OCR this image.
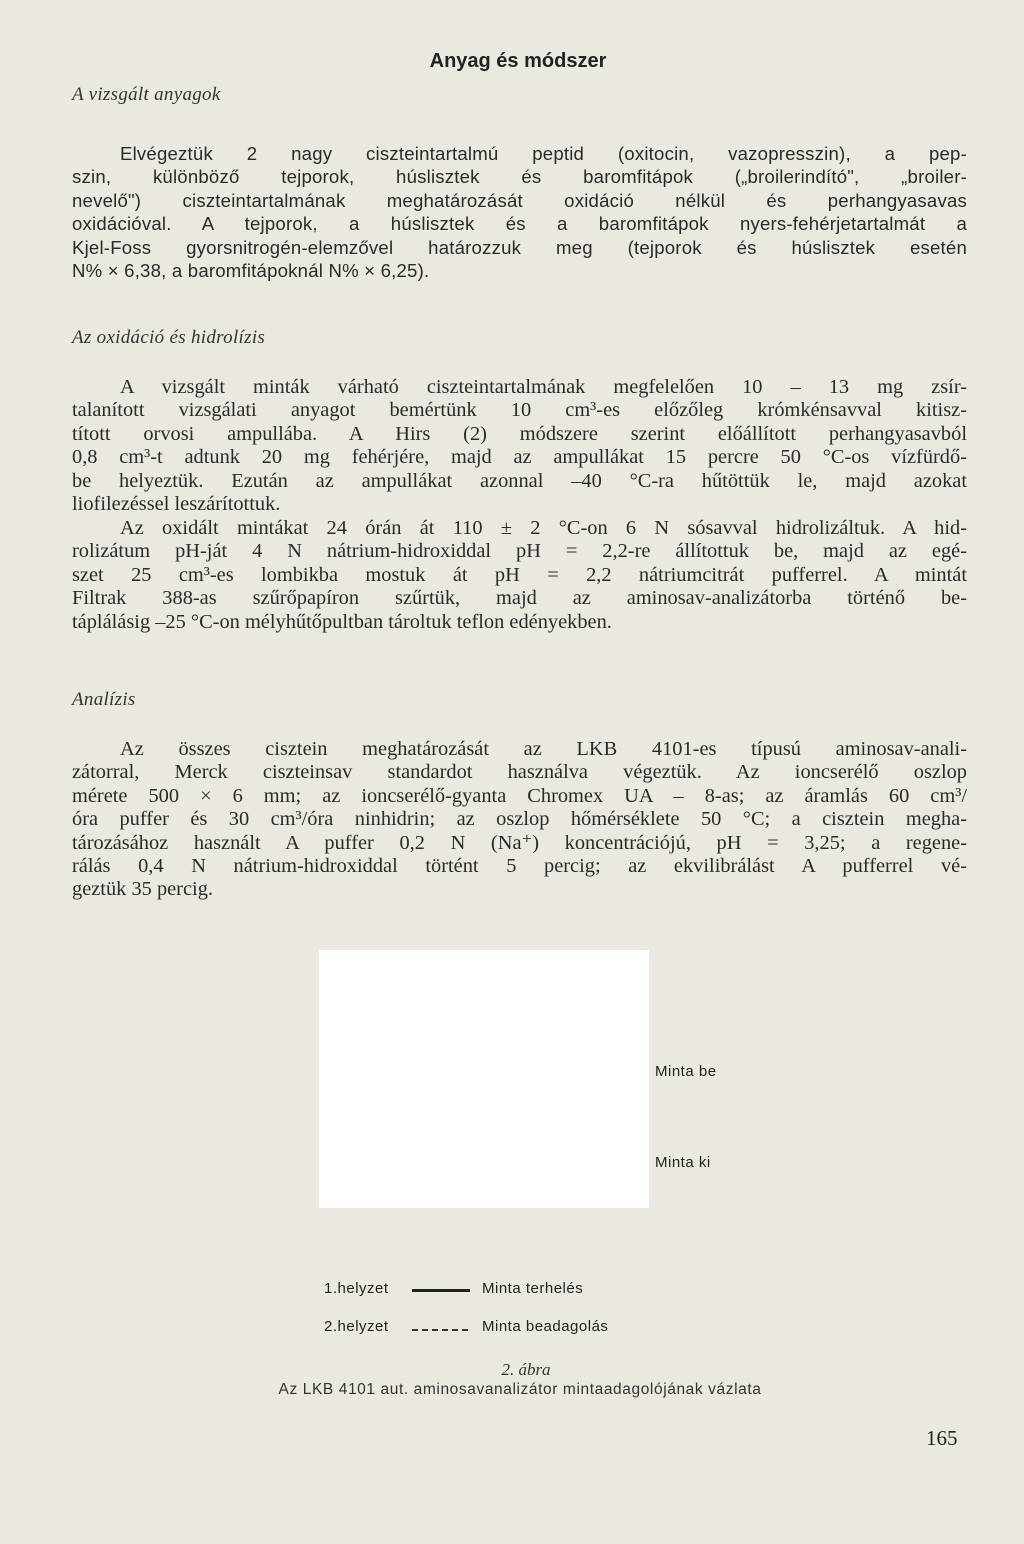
Anyag és módszer
A vizsgált anyagok

Elvégeztük 2 nagy ciszteintartalmú peptid (oxitocin, vazopresszin), a pep-
szin, különböző tejporok, húslisztek és baromfitápok („broilerindító", „broiler-
nevelő") ciszteintartalmának meghatározását oxidáció nélkül és perhangyasavas
oxidációval. A tejporok, a húslisztek és a baromfitápok nyers-fehérjetartalmát a
Kjel-Foss gyorsnitrogén-elemzővel határozzuk meg (tejporok és húslisztek esetén
N% × 6,38, a baromfitápoknál N% × 6,25).

Az oxidáció és hidrolízis

A vizsgált minták várható ciszteintartalmának megfelelően 10 – 13 mg zsír-
talanított vizsgálati anyagot bemértünk 10 cm³-es előzőleg krómkénsavval kitisz-
tított orvosi ampullába. A Hirs (2) módszere szerint előállított perhangyasavból
0,8 cm³-t adtunk 20 mg fehérjére, majd az ampullákat 15 percre 50 °C-os vízfürdő-
be helyeztük. Ezután az ampullákat azonnal –40 °C-ra hűtöttük le, majd azokat
liofilezéssel leszárítottuk.

Az oxidált mintákat 24 órán át 110 ± 2 °C-on 6 N sósavval hidrolizáltuk. A hid-
rolizátum pH-ját 4 N nátrium-hidroxiddal pH = 2,2-re állítottuk be, majd az egé-
szet 25 cm³-es lombikba mostuk át pH = 2,2 nátriumcitrát pufferrel. A mintát
Filtrak 388-as szűrőpapíron szűrtük, majd az aminosav-analizátorba történő be-
táplálásig –25 °C-on mélyhűtőpultban tároltuk teflon edényekben.

Analízis

Az összes cisztein meghatározását az LKB 4101-es típusú aminosav-anali-
zátorral, Merck ciszteinsav standardot használva végeztük. Az ioncserélő oszlop
mérete 500 × 6 mm; az ioncserélő-gyanta Chromex UA – 8-as; az áramlás 60 cm³/
óra puffer és 30 cm³/óra ninhidrin; az oszlop hőmérséklete 50 °C; a cisztein megha-
tározásához használt A puffer 0,2 N (Na⁺) koncentrációjú, pH = 3,25; a regene-
rálás 0,4 N nátrium-hidroxiddal történt 5 percig; az ekvilibrálást A pufferrel vé-
geztük 35 percig.

Minta be
Minta ki
1.helyzet	Minta terhelés
2.helyzet	Minta beadagolás
2. ábra
Az LKB 4101 aut. aminosavanalizátor mintaadagolójának vázlata
165
